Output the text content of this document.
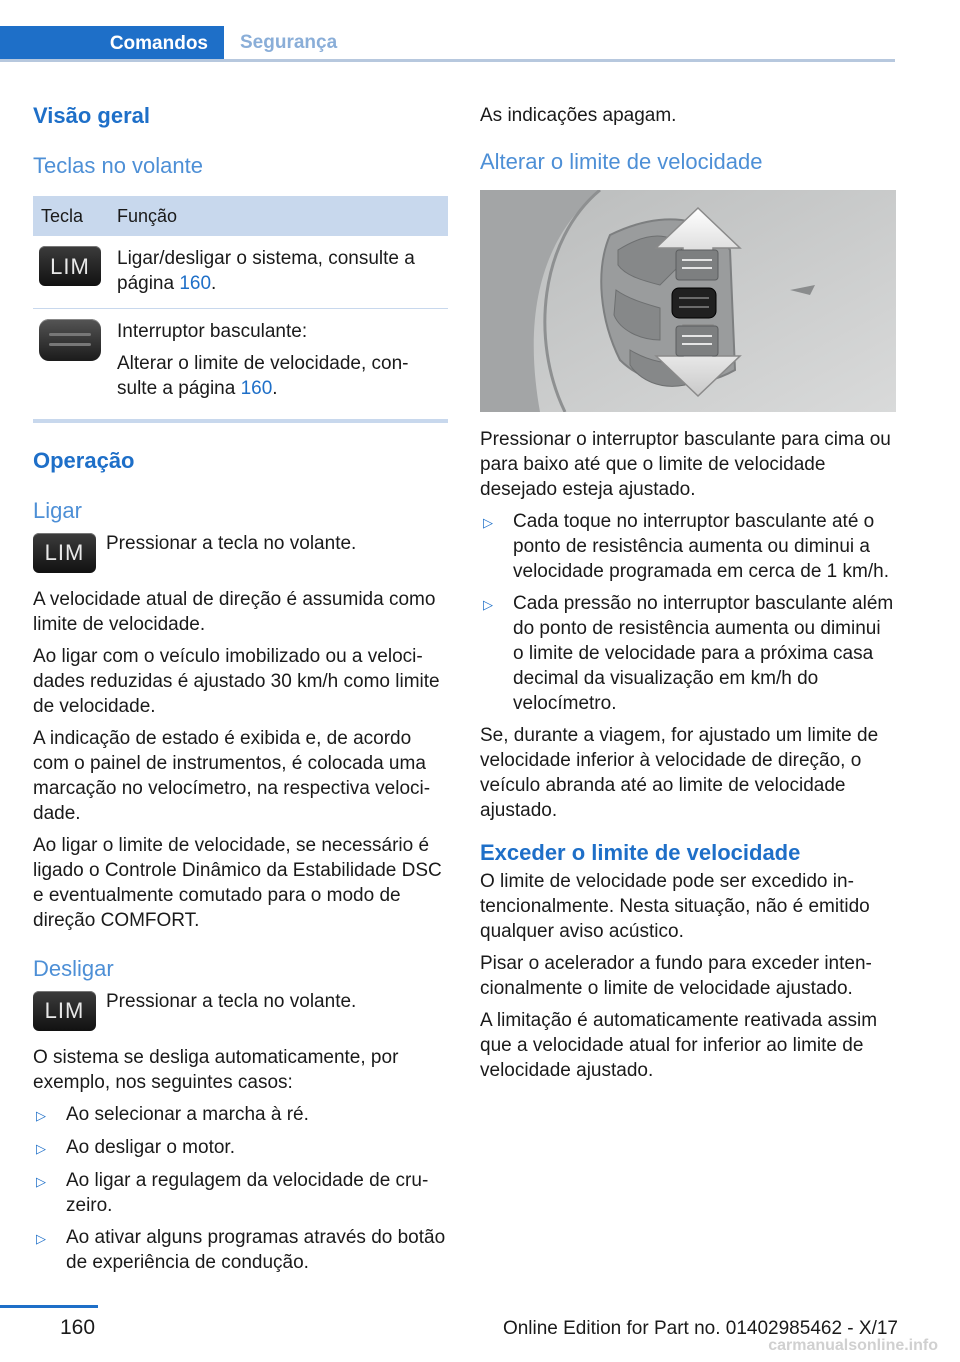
Comandos	Segurança
Visão geral
Teclas no volante
Tecla	Função

LIM	Ligar/desligar o sistema, consulte a página 160.

	Interruptor basculante:
Alterar o limite de velocidade, consulte a página 160.
Operação
Ligar
LIM Pressionar a tecla no volante.
A velocidade atual de direção é assumida como limite de velocidade.
Ao ligar com o veículo imobilizado ou a velocidades reduzidas é ajustado 30 km/h como limite de velocidade.
A indicação de estado é exibida e, de acordo com o painel de instrumentos, é colocada uma marcação no velocímetro, na respectiva velocidade.
Ao ligar o limite de velocidade, se necessário é ligado o Controle Dinâmico da Estabilidade DSC e eventualmente comutado para o modo de direção COMFORT.
Desligar
LIM Pressionar a tecla no volante.
O sistema se desliga automaticamente, por exemplo, nos seguintes casos:
▷	Ao selecionar a marcha à ré.
▷	Ao desligar o motor.
▷	Ao ligar a regulagem da velocidade de cruzeiro.
▷	Ao ativar alguns programas através do botão de experiência de condução.
As indicações apagam.
Alterar o limite de velocidade
Pressionar o interruptor basculante para cima ou para baixo até que o limite de velocidade desejado esteja ajustado.
▷	Cada toque no interruptor basculante até o ponto de resistência aumenta ou diminui a velocidade programada em cerca de 1 km/h.
▷	Cada pressão no interruptor basculante além do ponto de resistência aumenta ou diminui o limite de velocidade para a próxima casa decimal da visualização em km/h do velocímetro.
Se, durante a viagem, for ajustado um limite de velocidade inferior à velocidade de direção, o veículo abranda até ao limite de velocidade ajustado.
Exceder o limite de velocidade
O limite de velocidade pode ser excedido intencionalmente. Nesta situação, não é emitido qualquer aviso acústico.
Pisar o acelerador a fundo para exceder intencionalmente o limite de velocidade ajustado.
A limitação é automaticamente reativada assim que a velocidade atual for inferior ao limite de velocidade ajustado.
160	Online Edition for Part no. 01402985462 - X/17
carmanualsonline.info
